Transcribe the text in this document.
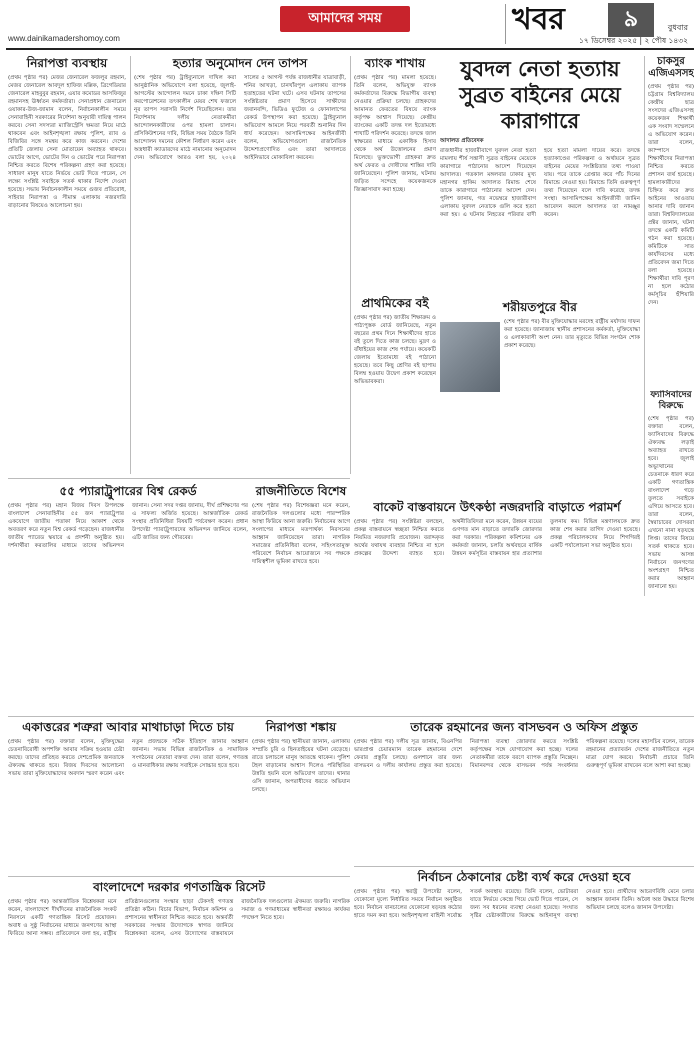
আমাদের সময়
www.dainikamadershomoy.com
খবর	৯	বুধবার
১৭ ডিসেম্বর ২০২৫ | ২ পৌষ ১৪৩২
নিরাপত্তা ব্যবস্থায়
(প্রথম পৃষ্ঠার পর) মেজর জেনারেল ফজলুর রহমান, মেজর জেনারেল আবদুল হাফিজ মল্লিক, ব্রিগেডিয়ার জেনারেল মাহবুবুর রহমান, এয়ার কমোডর আসফিজুর রহমানসহ ঊর্ধ্বতন কর্মকর্তারা। সেনাপ্রধান জেনারেল ওয়াকার-উজ-জামান বলেন, নির্বাচনকালীন সময়ে সেনাবাহিনী সরকারের নির্দেশনা অনুযায়ী দায়িত্ব পালন করবে। সেনা সদস্যরা ম্যাজিস্ট্রেসি ক্ষমতা নিয়ে মাঠে থাকবেন এবং আইনশৃঙ্খলা রক্ষায় পুলিশ, র‍্যাব ও বিজিবির সঙ্গে সমন্বয় করে কাজ করবেন। দেশের প্রতিটি জেলায় সেনা মোতায়েন অব্যাহত থাকবে। ভোটের আগে, ভোটের দিন ও ভোটের পরে নিরাপত্তা নিশ্চিত করতে বিশেষ পরিকল্পনা গ্রহণ করা হয়েছে। সাধারণ মানুষ যাতে নির্ভয়ে ভোট দিতে পারেন, সে লক্ষ্যে সংশ্লিষ্ট সবাইকে সতর্ক থাকার নির্দেশ দেওয়া হয়েছে। সভায় নির্বাচনকালীন সময়ে গুজব প্রতিরোধ, সাইবার নিরাপত্তা ও সীমান্ত এলাকায় নজরদারি বাড়ানোর বিষয়েও আলোচনা হয়।
হত্যার অনুমোদন দেন তাপস
(শেষ পৃষ্ঠার পর) ট্রাইব্যুনালে দাখিল করা আনুষ্ঠানিক অভিযোগে বলা হয়েছে, জুলাই-আগস্টের আন্দোলন দমনে ঢাকা দক্ষিণ সিটি করপোরেশনের তৎকালীন মেয়র শেখ ফজলে নূর তাপস সরাসরি নির্দেশ দিয়েছিলেন। তার নির্দেশনায় দলীয় নেতাকর্মীরা আন্দোলনকারীদের ওপর হামলা চালান। প্রসিকিউশনের দাবি, বিভিন্ন সময় বৈঠকে তিনি আন্দোলন দমনের কৌশল নির্ধারণ করেন এবং অস্ত্রধারী ক্যাডারদের মাঠে নামানোর অনুমোদন দেন। অভিযোগে আরও বলা হয়, ২০২৪ সালের ৫ আগস্ট পর্যন্ত রাজধানীর যাত্রাবাড়ী, শনির আখড়া, চানখাঁরপুল এলাকায় ব্যাপক হতাহতের ঘটনা ঘটে। এসব ঘটনায় তাপসের সংশ্লিষ্টতার প্রমাণ হিসেবে সাক্ষীদের জবানবন্দি, ভিডিও ফুটেজ ও ফোনালাপের রেকর্ড উপস্থাপন করা হয়েছে। ট্রাইব্যুনাল অভিযোগ আমলে নিয়ে পরবর্তী শুনানির দিন ধার্য করেছেন। আসামিপক্ষের আইনজীবী বলেন, অভিযোগগুলো রাজনৈতিক উদ্দেশ্যপ্রণোদিত এবং তারা আদালতে আইনিভাবে মোকাবিলা করবেন।
ব্যাংক শাখায়
(প্রথম পৃষ্ঠার পর) মামলা হয়েছে। তিনি বলেন, অভিযুক্ত ব্যাংক কর্মকর্তাদের বিরুদ্ধে বিভাগীয় ব্যবস্থা নেওয়ার প্রক্রিয়া চলছে। গ্রাহকদের আমানত ফেরতের বিষয়ে ব্যাংক কর্তৃপক্ষ আশ্বাস দিয়েছে। কেন্দ্রীয় ব্যাংকের একটি তদন্ত দল ইতোমধ্যে শাখাটি পরিদর্শন করেছে। তদন্তে জাল স্বাক্ষরের মাধ্যমে একাধিক হিসাব থেকে অর্থ উত্তোলনের প্রমাণ মিলেছে। ভুক্তভোগী গ্রাহকরা দ্রুত অর্থ ফেরত ও দোষীদের শাস্তির দাবি জানিয়েছেন। পুলিশ জানায়, ঘটনায় জড়িত সন্দেহে কয়েকজনকে জিজ্ঞাসাবাদ করা হচ্ছে।
যুবদল নেতা হত্যায় সুব্রত বাইনের মেয়ে কারাগারে
আদালত প্রতিবেদক
রাজধানীর হাজারীবাগে যুবদল নেতা হত্যা মামলায় শীর্ষ সন্ত্রাসী সুব্রত বাইনের মেয়েকে কারাগারে পাঠানোর আদেশ দিয়েছেন আদালত। গতকাল মঙ্গলবার ঢাকার মুখ্য মহানগর হাকিম আদালত রিমান্ড শেষে তাকে কারাগারে পাঠানোর আদেশ দেন। পুলিশ জানায়, গত নভেম্বরে হাজারীবাগ এলাকায় যুবদল নেতাকে গুলি করে হত্যা করা হয়। এ ঘটনায় নিহতের পরিবার বাদী হয়ে হত্যা মামলা দায়ের করে। তদন্তে হত্যাকাণ্ডের পরিকল্পনা ও অর্থায়নে সুব্রত বাইনের মেয়ের সংশ্লিষ্টতার তথ্য পাওয়া যায়। পরে তাকে গ্রেপ্তার করে পাঁচ দিনের রিমান্ডে নেওয়া হয়। রিমান্ডে তিনি গুরুত্বপূর্ণ তথ্য দিয়েছেন বলে দাবি করেছে তদন্ত সংস্থা। আসামিপক্ষের আইনজীবী জামিন আবেদন করলে আদালত তা নামঞ্জুর করেন।
চাকসুর এজিএসসহ
(প্রথম পৃষ্ঠার পর) চট্টগ্রাম বিশ্ববিদ্যালয় কেন্দ্রীয় ছাত্র সংসদের এজিএসসহ কয়েকজন শিক্ষার্থী এক সংবাদ সম্মেলনে এ অভিযোগ করেন। তারা বলেন, ক্যাম্পাসে শিক্ষার্থীদের নিরাপত্তা নিশ্চিত করতে প্রশাসন ব্যর্থ হয়েছে। হামলাকারীদের চিহ্নিত করে দ্রুত আইনের আওতায় আনার দাবি জানান তারা। বিশ্ববিদ্যালয়ের প্রক্টর জানান, ঘটনা তদন্তে একটি কমিটি গঠন করা হয়েছে। কমিটিকে সাত কার্যদিবসের মধ্যে প্রতিবেদন জমা দিতে বলা হয়েছে। শিক্ষার্থীরা দাবি পূরণ না হলে কঠোর কর্মসূচির হুঁশিয়ারি দেন।
শরীয়তপুরে বীর
(শেষ পৃষ্ঠার পর) বীর মুক্তিযোদ্ধার মরদেহ রাষ্ট্রীয় মর্যাদায় দাফন করা হয়েছে। জানাজায় স্থানীয় প্রশাসনের কর্মকর্তা, মুক্তিযোদ্ধা ও এলাকাবাসী অংশ নেন। তার মৃত্যুতে বিভিন্ন সংগঠন শোক প্রকাশ করেছে।
প্রাথমিকের বই
(প্রথম পৃষ্ঠার পর) জাতীয় শিক্ষাক্রম ও পাঠ্যপুস্তক বোর্ড জানিয়েছে, নতুন বছরের প্রথম দিনে শিক্ষার্থীদের হাতে বই তুলে দিতে কাজ চলছে। মুদ্রণ ও বাঁধাইয়ের কাজ শেষ পর্যায়ে। কয়েকটি জেলায় ইতোমধ্যে বই পাঠানো হয়েছে। তবে কিছু শ্রেণির বই ছাপায় বিলম্ব হওয়ায় উদ্বেগ প্রকাশ করেছেন অভিভাবকরা।
ফ্যাসিবাদের বিরুদ্ধে
(শেষ পৃষ্ঠার পর) বক্তারা বলেন, ফ্যাসিবাদের বিরুদ্ধে ঐক্যবদ্ধ লড়াই অব্যাহত রাখতে হবে। জুলাই অভ্যুত্থানের চেতনাকে ধারণ করে একটি গণতান্ত্রিক বাংলাদেশ গড়ে তুলতে সবাইকে এগিয়ে আসতে হবে। তারা বলেন, স্বৈরাচারের দোসররা এখনো নানা ষড়যন্ত্রে লিপ্ত। তাদের বিষয়ে সতর্ক থাকতে হবে। সভায় আসন্ন নির্বাচনে জনগণের অংশগ্রহণ নিশ্চিত করার আহ্বান জানানো হয়।
৫৫ প্যারাট্রুপারের বিশ্ব রেকর্ড
(প্রথম পৃষ্ঠার পর) মহান বিজয় দিবস উপলক্ষে বাংলাদেশ সেনাবাহিনীর ৫৫ জন প্যারাট্রুপার একযোগে জাতীয় পতাকা নিয়ে আকাশ থেকে অবতরণ করে নতুন বিশ্ব রেকর্ড গড়েছেন। রাজধানীর জাতীয় প্যারেড স্কয়ারে এ প্রদর্শনী অনুষ্ঠিত হয়। দর্শনার্থীরা করতালির মাধ্যমে তাদের অভিনন্দন জানান। সেনা সদর দপ্তর জানায়, দীর্ঘ প্রশিক্ষণের পর এ সাফল্য অর্জিত হয়েছে। আন্তর্জাতিক রেকর্ড সংস্থার প্রতিনিধিরা বিষয়টি পর্যবেক্ষণ করেন। প্রধান উপদেষ্টা প্যারাট্রুপারদের অভিনন্দন জানিয়ে বলেন, এটি জাতির জন্য গৌরবের।
রাজনীতিতে বিশেষ
(শেষ পৃষ্ঠার পর) বিশেষজ্ঞরা মনে করেন, রাজনৈতিক দলগুলোর মধ্যে পারস্পরিক আস্থা ফিরিয়ে আনা জরুরি। নির্বাচনের আগে সংলাপের মাধ্যমে মতপার্থক্য নিরসনের আহ্বান জানিয়েছেন তারা। নাগরিক সমাজের প্রতিনিধিরা বলেন, সহিংসতামুক্ত পরিবেশে নির্বাচন আয়োজনে সব পক্ষকে দায়িত্বশীল ভূমিকা রাখতে হবে।
বাকেট বাস্তবায়নে উৎকণ্ঠা নজরদারি বাড়াতে পরামর্শ
(প্রথম পৃষ্ঠার পর) সংশ্লিষ্টরা বলছেন, প্রকল্প বাস্তবায়নে স্বচ্ছতা নিশ্চিত করতে নিয়মিত নজরদারি প্রয়োজন। বরাদ্দকৃত অর্থের যথাযথ ব্যবহার নিশ্চিত না হলে প্রকল্পের উদ্দেশ্য ব্যাহত হবে। অর্থনীতিবিদরা মনে করেন, উন্নয়ন ব্যয়ের গুণগত মান বাড়াতে তদারকি জোরদার করা দরকার। পরিকল্পনা কমিশনের এক কর্মকর্তা জানান, চলতি অর্থবছরে বার্ষিক উন্নয়ন কর্মসূচির বাস্তবায়ন হার প্রত্যাশার তুলনায় কম। বিভিন্ন মন্ত্রণালয়কে দ্রুত কাজ শেষ করার তাগিদ দেওয়া হয়েছে। প্রকল্প পরিচালকদের নিয়ে শিগগিরই একটি পর্যালোচনা সভা অনুষ্ঠিত হবে।
নিরাপত্তা শঙ্কায়
(প্রথম পৃষ্ঠার পর) স্থানীয়রা জানান, এলাকায় সম্প্রতি চুরি ও ছিনতাইয়ের ঘটনা বেড়েছে। রাতে চলাচলে মানুষ আতঙ্কে থাকেন। পুলিশ টহল বাড়ানোর আশ্বাস দিলেও পরিস্থিতির উন্নতি হয়নি বলে অভিযোগ তাদের। থানার ওসি জানান, অপরাধীদের ধরতে অভিযান চলছে।
একাত্তরের শত্রুরা আবার মাথাচাড়া দিতে চায়
(প্রথম পৃষ্ঠার পর) বক্তারা বলেন, মুক্তিযুদ্ধের চেতনাবিরোধী অপশক্তি আবার সক্রিয় হওয়ার চেষ্টা করছে। তাদের প্রতিহত করতে দেশপ্রেমিক জনতাকে ঐক্যবদ্ধ থাকতে হবে। বিজয় দিবসের আলোচনা সভায় তারা মুক্তিযোদ্ধাদের অবদান স্মরণ করেন এবং নতুন প্রজন্মকে সঠিক ইতিহাস জানার আহ্বান জানান। সভায় বিভিন্ন রাজনৈতিক ও সামাজিক সংগঠনের নেতারা বক্তব্য দেন। তারা বলেন, গণতন্ত্র ও মানবাধিকার রক্ষায় সবাইকে সোচ্চার হতে হবে।
তারেক রহমানের জন্য বাসভবন ও অফিস প্রস্তুত
(প্রথম পৃষ্ঠার পর) দলীয় সূত্র জানায়, বিএনপির ভারপ্রাপ্ত চেয়ারম্যান তারেক রহমানের দেশে ফেরার প্রস্তুতি চলছে। গুলশানে তার জন্য বাসভবন ও দলীয় কার্যালয় প্রস্তুত করা হয়েছে। নিরাপত্তা ব্যবস্থা জোরদার করতে সংশ্লিষ্ট কর্তৃপক্ষের সঙ্গে যোগাযোগ করা হচ্ছে। দলের নেতাকর্মীরা তাকে বরণে ব্যাপক প্রস্তুতি নিচ্ছেন। বিমানবন্দর থেকে বাসভবন পর্যন্ত সংবর্ধনার পরিকল্পনা রয়েছে। দলের মহাসচিব বলেন, তারেক রহমানের প্রত্যাবর্তন দেশের রাজনীতিতে নতুন মাত্রা যোগ করবে। নির্বাচনী প্রচারে তিনি গুরুত্বপূর্ণ ভূমিকা রাখবেন বলে আশা করা হচ্ছে।
বাংলাদেশে দরকার গণতান্ত্রিক রিসেট
(প্রথম পৃষ্ঠার পর) আন্তর্জাতিক বিশ্লেষকরা মনে করেন, বাংলাদেশে দীর্ঘদিনের রাজনৈতিক সংকট নিরসনে একটি গণতান্ত্রিক রিসেট প্রয়োজন। অবাধ ও সুষ্ঠু নির্বাচনের মাধ্যমে জনগণের আস্থা ফিরিয়ে আনা সম্ভব। প্রতিবেদনে বলা হয়, রাষ্ট্রীয় প্রতিষ্ঠানগুলোর সংস্কার ছাড়া টেকসই গণতন্ত্র প্রতিষ্ঠা কঠিন। বিচার বিভাগ, নির্বাচন কমিশন ও প্রশাসনের স্বাধীনতা নিশ্চিত করতে হবে। অন্তর্বর্তী সরকারের সংস্কার উদ্যোগকে স্বাগত জানিয়ে বিশ্লেষকরা বলেন, এসব উদ্যোগের বাস্তবায়নে রাজনৈতিক দলগুলোর ঐকমত্য জরুরি। নাগরিক সমাজ ও গণমাধ্যমের স্বাধীনতা রক্ষায়ও কার্যকর পদক্ষেপ নিতে হবে।
নির্বাচন ঠেকানোর চেষ্টা ব্যর্থ করে দেওয়া হবে
(প্রথম পৃষ্ঠার পর) স্বরাষ্ট্র উপদেষ্টা বলেন, যেকোনো মূল্যে নির্ধারিত সময়ে নির্বাচন অনুষ্ঠিত হবে। নির্বাচন বানচালের যেকোনো ষড়যন্ত্র কঠোর হাতে দমন করা হবে। আইনশৃঙ্খলা বাহিনী সর্বোচ্চ সতর্ক অবস্থায় রয়েছে। তিনি বলেন, ভোটাররা যাতে নির্ভয়ে কেন্দ্রে গিয়ে ভোট দিতে পারেন, সে জন্য সব ধরনের ব্যবস্থা নেওয়া হয়েছে। সংঘাত সৃষ্টির চেষ্টাকারীদের বিরুদ্ধে আইনানুগ ব্যবস্থা নেওয়া হবে। প্রার্থীদের আচরণবিধি মেনে চলার আহ্বান জানান তিনি। অবৈধ অস্ত্র উদ্ধারে বিশেষ অভিযান চলছে বলেও জানান উপদেষ্টা।
